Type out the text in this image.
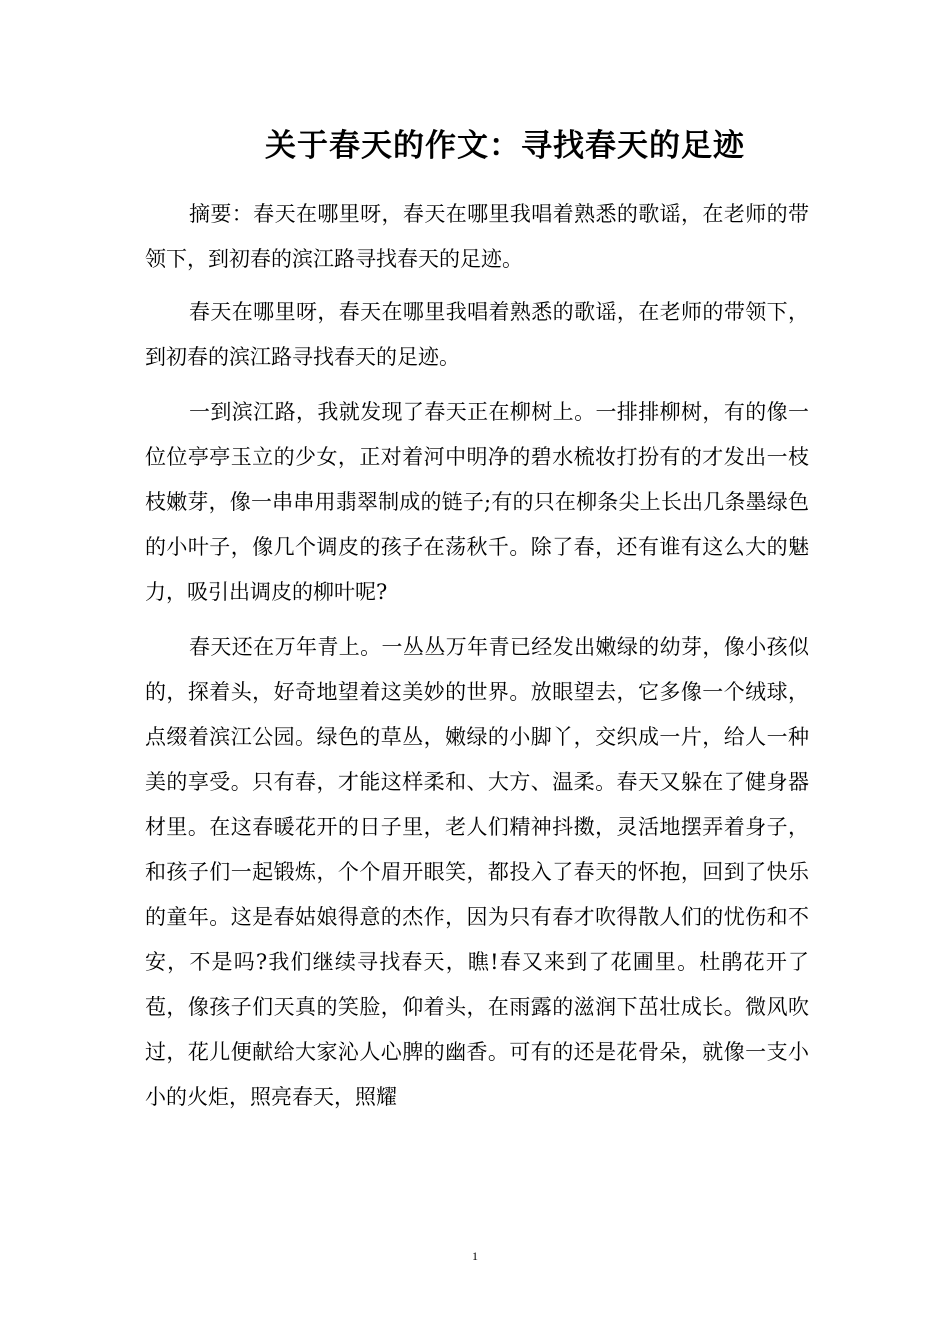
关于春天的作文：寻找春天的足迹

摘要：春天在哪里呀，春天在哪里我唱着熟悉的歌谣，在老师的带领下，到初春的滨江路寻找春天的足迹。

春天在哪里呀，春天在哪里我唱着熟悉的歌谣，在老师的带领下，到初春的滨江路寻找春天的足迹。

一到滨江路，我就发现了春天正在柳树上。一排排柳树，有的像一位位亭亭玉立的少女，正对着河中明净的碧水梳妆打扮有的才发出一枝枝嫩芽，像一串串用翡翠制成的链子;有的只在柳条尖上长出几条墨绿色的小叶子，像几个调皮的孩子在荡秋千。除了春，还有谁有这么大的魅力，吸引出调皮的柳叶呢?

春天还在万年青上。一丛丛万年青已经发出嫩绿的幼芽，像小孩似的，探着头，好奇地望着这美妙的世界。放眼望去，它多像一个绒球，点缀着滨江公园。绿色的草丛，嫩绿的小脚丫，交织成一片，给人一种美的享受。只有春，才能这样柔和、大方、温柔。春天又躲在了健身器材里。在这春暖花开的日子里，老人们精神抖擞，灵活地摆弄着身子，和孩子们一起锻炼，个个眉开眼笑，都投入了春天的怀抱，回到了快乐的童年。这是春姑娘得意的杰作，因为只有春才吹得散人们的忧伤和不安，不是吗?我们继续寻找春天，瞧!春又来到了花圃里。杜鹃花开了苞，像孩子们天真的笑脸，仰着头，在雨露的滋润下茁壮成长。微风吹过，花儿便献给大家沁人心脾的幽香。可有的还是花骨朵，就像一支小小的火炬，照亮春天，照耀

1
